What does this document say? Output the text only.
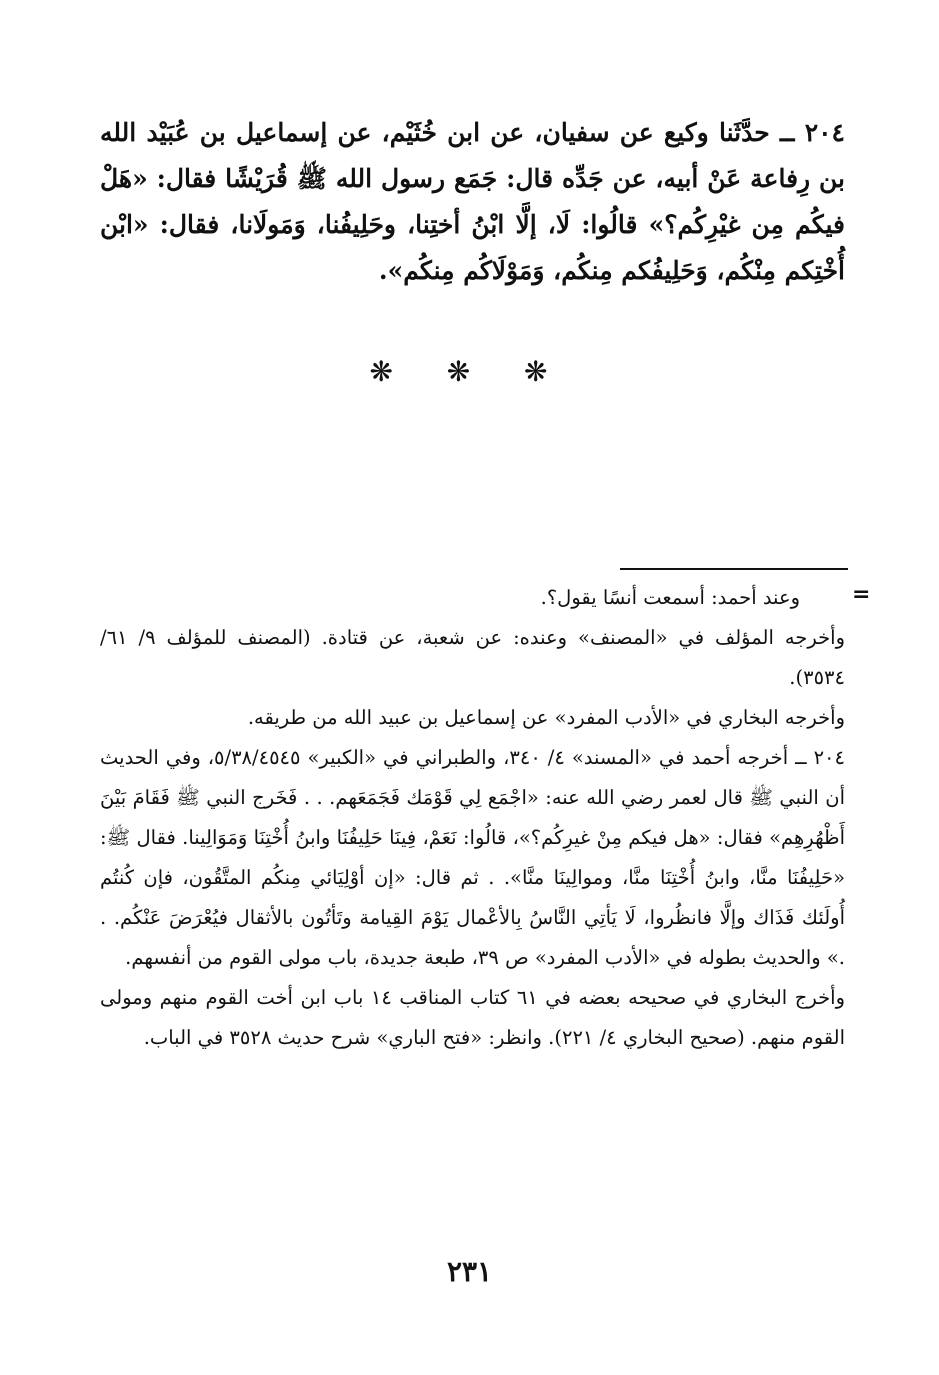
٢٠٤ ــ حدَّثَنا وكيع عن سفيان، عن ابن خُثَيْم، عن إسماعيل بن عُبَيْد الله بن رِفاعة عَنْ أبيه، عن جَدِّه قال: جَمَع رسول الله ﷺ قُرَيْشًا فقال: «هَلْ فيكُم مِن غيْرِكُم؟» قالُوا: لَا، إلَّا ابْنُ أختِنا، وحَلِيفُنا، وَمَولَانا، فقال: «ابْن أُخْتِكم مِنْكُم، وَحَلِيفُكم مِنكُم، وَمَوْلَاكُم مِنكُم».

❋ ❋ ❋
=

وعند أحمد: أسمعت أنسًا يقول؟.

وأخرجه المؤلف في «المصنف» وعنده: عن شعبة، عن قتادة. (المصنف للمؤلف ٩/ ٦١/ ٣٥٣٤).

وأخرجه البخاري في «الأدب المفرد» عن إسماعيل بن عبيد الله من طريقه.

٢٠٤ ــ أخرجه أحمد في «المسند» ٤/ ٣٤٠، والطبراني في «الكبير» ٥/٣٨/٤٥٤٥، وفي الحديث أن النبي ﷺ قال لعمر رضي الله عنه: «اجْمَع لِي قَوْمَك فَجَمَعَهم. . . فَخَرج النبي ﷺ فَقَامَ بَيْنَ أَظْهُرِهِم» فقال: «هل فيكم مِنْ غيرِكُم؟»، قالُوا: نَعَمْ، فِينَا حَلِيفُنَا وابنُ أُخْتِنَا وَمَوَالِينا. فقال ﷺ: «حَلِيفُنَا منَّا، وابنُ أُخْتِنَا منَّا، وموالِينَا منَّا». . ثم قال: «إن أوْلِيَائي مِنكُم المتَّقُون، فإن كُنتُم أُولَئك فَذَاك وإلَّا فانظُروا، لَا يَأتِي النَّاسُ بِالأعْمال يَوْمَ القِيامة وتَأتُون بالأثقال فيُعْرَضَ عَنْكُم. . .» والحديث بطوله في «الأدب المفرد» ص ٣٩، طبعة جديدة، باب مولى القوم من أنفسهم.

وأخرج البخاري في صحيحه بعضه في ٦١ كتاب المناقب ١٤ باب ابن أخت القوم منهم ومولى القوم منهم. (صحيح البخاري ٤/ ٢٢١). وانظر: «فتح الباري» شرح حديث ٣٥٢٨ في الباب.

٢٣١
